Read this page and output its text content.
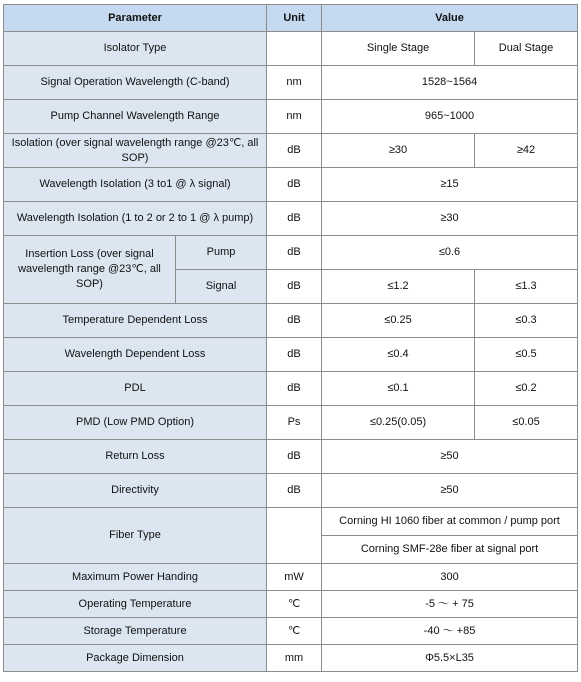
Parameter		Unit	Value	
Isolator Type			Single Stage	Dual Stage
Signal Operation Wavelength (C-band)		nm	1528~1564	
Pump Channel Wavelength Range		nm	965~1000	
Isolation (over signal wavelength range @23℃, all SOP)		dB	≥30	≥42
Wavelength Isolation (3 to1 @ λ signal)		dB	≥15	
Wavelength Isolation (1 to 2 or 2 to 1 @ λ pump)		dB	≥30	
Insertion Loss (over signal wavelength range @23℃, all SOP)	Pump	dB	≤0.6	
	Signal	dB	≤1.2	≤1.3
Temperature Dependent Loss		dB	≤0.25	≤0.3
Wavelength Dependent Loss		dB	≤0.4	≤0.5
PDL		dB	≤0.1	≤0.2
PMD (Low PMD Option)		Ps	≤0.25(0.05)	≤0.05
Return Loss		dB	≥50	
Directivity		dB	≥50	
Fiber Type			Corning HI 1060 fiber at common / pump port	
			Corning SMF-28e fiber at signal port	
Maximum Power Handing		mW	300	
Operating Temperature		℃	-5 ～ + 75	
Storage Temperature		℃	-40 ～ +85	
Package Dimension		mm	Φ5.5×L35	
